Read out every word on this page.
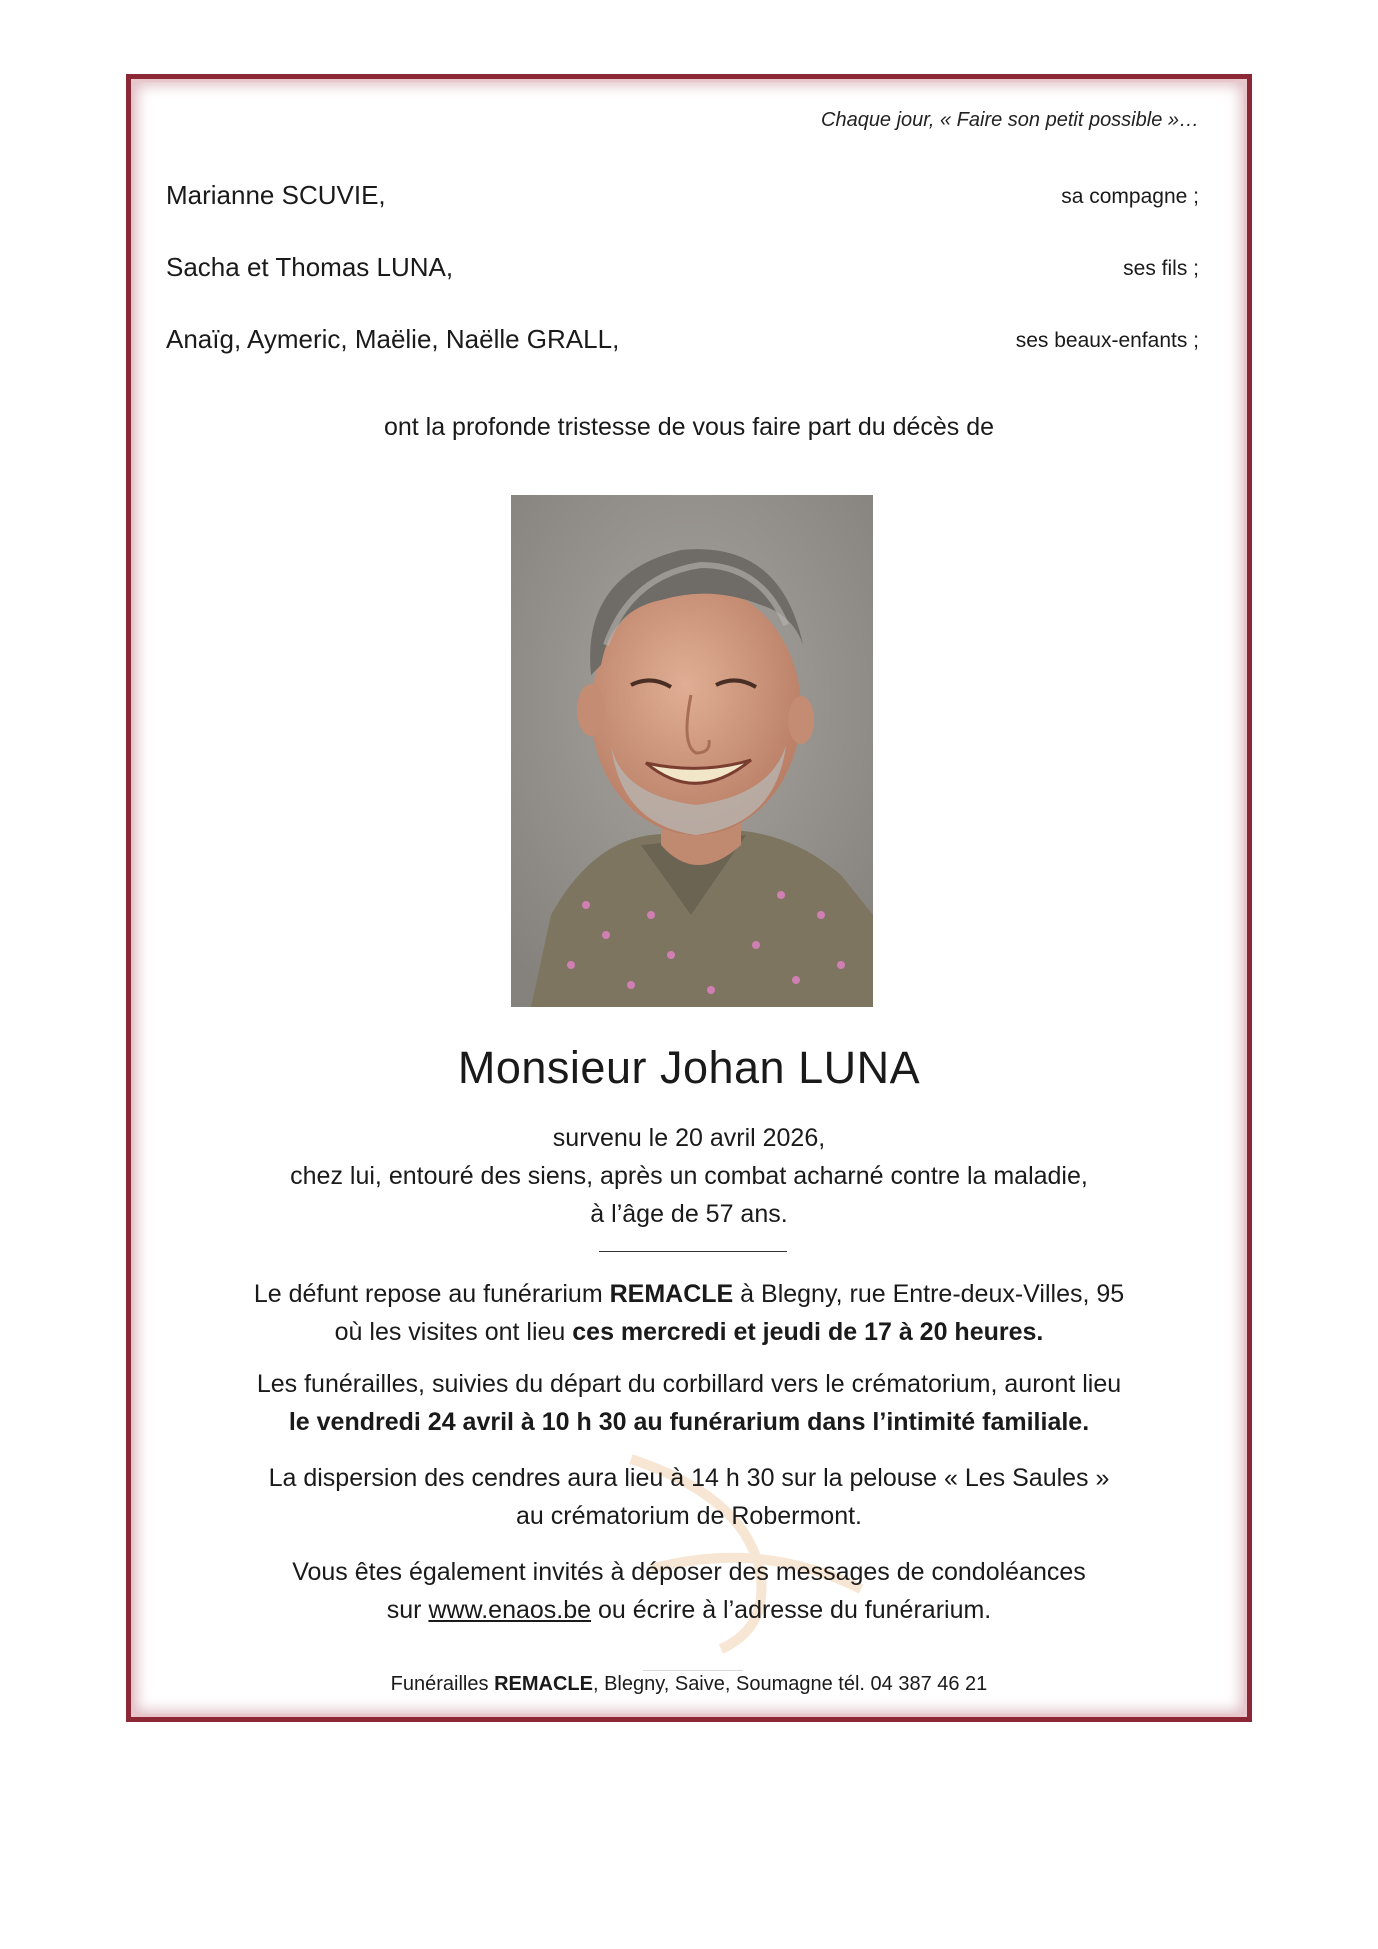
Chaque jour, « Faire son petit possible »…
Marianne SCUVIE,	sa compagne ;
Sacha et Thomas LUNA,	ses fils ;
Anaïg, Aymeric, Maëlie, Naëlle GRALL,	ses beaux-enfants ;
ont la profonde tristesse de vous faire part du décès de
Monsieur Johan LUNA
survenu le 20 avril 2026,
chez lui, entouré des siens, après un combat acharné contre la maladie,
à l’âge de 57 ans.
Le défunt repose au funérarium REMACLE à Blegny, rue Entre-deux-Villes, 95
où les visites ont lieu ces mercredi et jeudi de 17 à 20 heures.
Les funérailles, suivies du départ du corbillard vers le crématorium, auront lieu
le vendredi 24 avril à 10 h 30 au funérarium dans l’intimité familiale.
La dispersion des cendres aura lieu à 14 h 30 sur la pelouse « Les Saules »
au crématorium de Robermont.
Vous êtes également invités à déposer des messages de condoléances
sur www.enaos.be ou écrire à l’adresse du funérarium.
Funérailles REMACLE, Blegny, Saive, Soumagne tél. 04 387 46 21
